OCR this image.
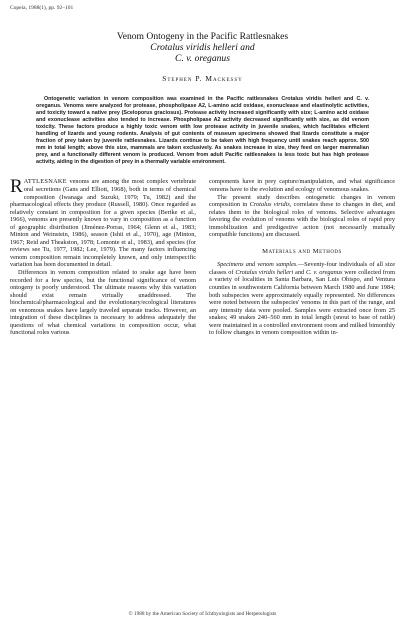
Copeia, 1988(1), pp. 92–101
Venom Ontogeny in the Pacific Rattlesnakes
Crotalus viridis helleri and
C. v. oreganus
Stephen P. Mackessy
Ontogenetic variation in venom composition was examined in the Pacific rattlesnakes Crotalus viridis helleri and C. v. oreganus. Venoms were analyzed for protease, phospholipase A2, L-amino acid oxidase, exonuclease and elastinolytic activities, and toxicity toward a native prey (Sceloporus graciosus). Protease activity increased significantly with size; L-amino acid oxidase and exonuclease activities also tended to increase. Phospholipase A2 activity decreased significantly with size, as did venom toxicity. These factors produce a highly toxic venom with low protease activity in juvenile snakes, which facilitates efficient handling of lizards and young rodents. Analysis of gut contents of museum specimens showed that lizards constitute a major fraction of prey taken by juvenile rattlesnakes. Lizards continue to be taken with high frequency until snakes reach approx. 500 mm in total length; above this size, mammals are taken exclusively. As snakes increase in size, they feed on larger mammalian prey, and a functionally different venom is produced. Venom from adult Pacific rattlesnakes is less toxic but has high protease activity, aiding in the digestion of prey in a thermally variable environment.

RATTLESNAKE venoms are among the most complex vertebrate oral secretions (Gans and Elliott, 1968), both in terms of chemical composition (Iwanaga and Suzuki, 1979; Tu, 1982) and the pharmacological effects they produce (Russell, 1980). Once regarded as relatively constant in composition for a given species (Bertke et al., 1966), venoms are presently known to vary in composition as a function of geographic distribution (Jiménez-Porras, 1964; Glenn et al., 1983; Minton and Weinstein, 1986), season (Ishii et al., 1970), age (Minton, 1967; Reid and Theakston, 1978; Lomonte et al., 1983), and species (for reviews see Tu, 1977, 1982; Lee, 1979). The many factors influencing venom composition remain incompletely known, and only interspecific variation has been documented in detail.

Differences in venom composition related to snake age have been recorded for a few species, but the functional significance of venom ontogeny is poorly understood. The ultimate reasons why this variation should exist remain virtually unaddressed. The biochemical/pharmacological and the evolutionary/ecological literatures on venomous snakes have largely traveled separate tracks. However, an integration of these disciplines is necessary to address adequately the questions of what chemical variations in composition occur, what functional roles various

components have in prey capture/manipulation, and what significance venoms have to the evolution and ecology of venomous snakes.

The present study describes ontogenetic changes in venom composition in Crotalus viridis, correlates these to changes in diet, and relates them to the biological roles of venoms. Selective advantages favoring the evolution of venoms with the biological roles of rapid prey immobilization and predigestive action (not necessarily mutually compatible functions) are discussed.

Materials and Methods

Specimens and venom samples.—Seventy-four individuals of all size classes of Crotalus viridis helleri and C. v. oreganus were collected from a variety of localities in Santa Barbara, San Luis Obispo, and Ventura counties in southwestern California between March 1980 and June 1984; both subspecies were approximately equally represented. No differences were noted between the subspecies' venoms in this part of the range, and any intensity data were pooled. Samples were extracted once from 25 snakes; 49 snakes 240–560 mm in total length (snout to base of rattle) were maintained in a controlled environment room and milked bimonthly to follow changes in venom composition within in-

© 1988 by the American Society of Ichthyologists and Herpetologists
